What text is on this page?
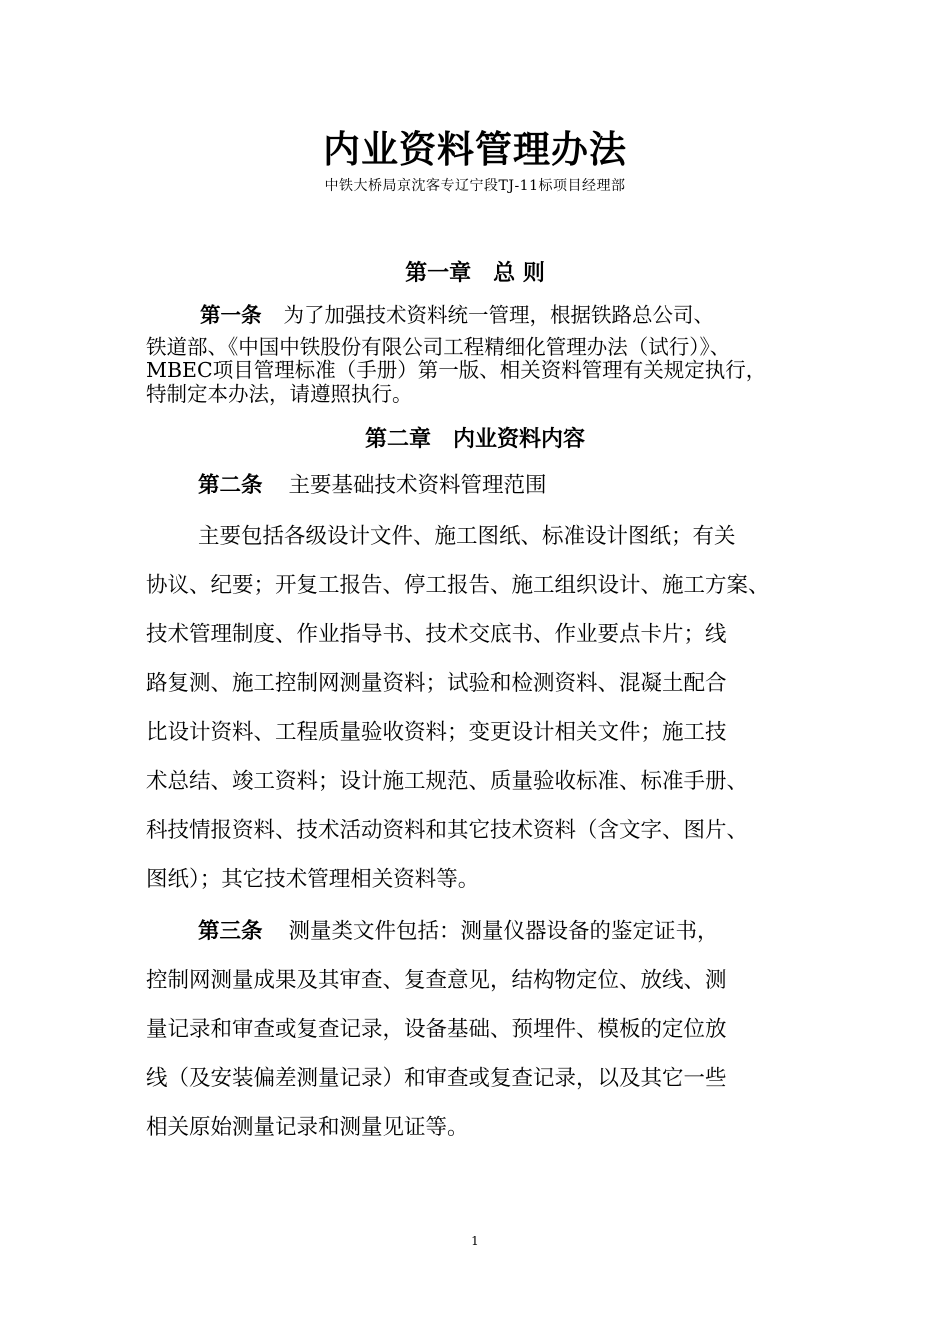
内业资料管理办法

中铁大桥局京沈客专辽宁段TJ-11标项目经理部

第一章 总 则

第一条 为了加强技术资料统一管理，根据铁路总公司、
铁道部、《中国中铁股份有限公司工程精细化管理办法（试行）》、
MBEC项目管理标准（手册）第一版、相关资料管理有关规定执行，
特制定本办法，请遵照执行。

第二章 内业资料内容

第二条 主要基础技术资料管理范围
主要包括各级设计文件、施工图纸、标准设计图纸；有关
协议、纪要；开复工报告、停工报告、施工组织设计、施工方案、
技术管理制度、作业指导书、技术交底书、作业要点卡片；线
路复测、施工控制网测量资料；试验和检测资料、混凝土配合
比设计资料、工程质量验收资料；变更设计相关文件；施工技
术总结、竣工资料；设计施工规范、质量验收标准、标准手册、
科技情报资料、技术活动资料和其它技术资料（含文字、图片、
图纸）；其它技术管理相关资料等。
第三条 测量类文件包括：测量仪器设备的鉴定证书，
控制网测量成果及其审查、复查意见，结构物定位、放线、测
量记录和审查或复查记录，设备基础、预埋件、模板的定位放
线（及安装偏差测量记录）和审查或复查记录，以及其它一些
相关原始测量记录和测量见证等。
1
